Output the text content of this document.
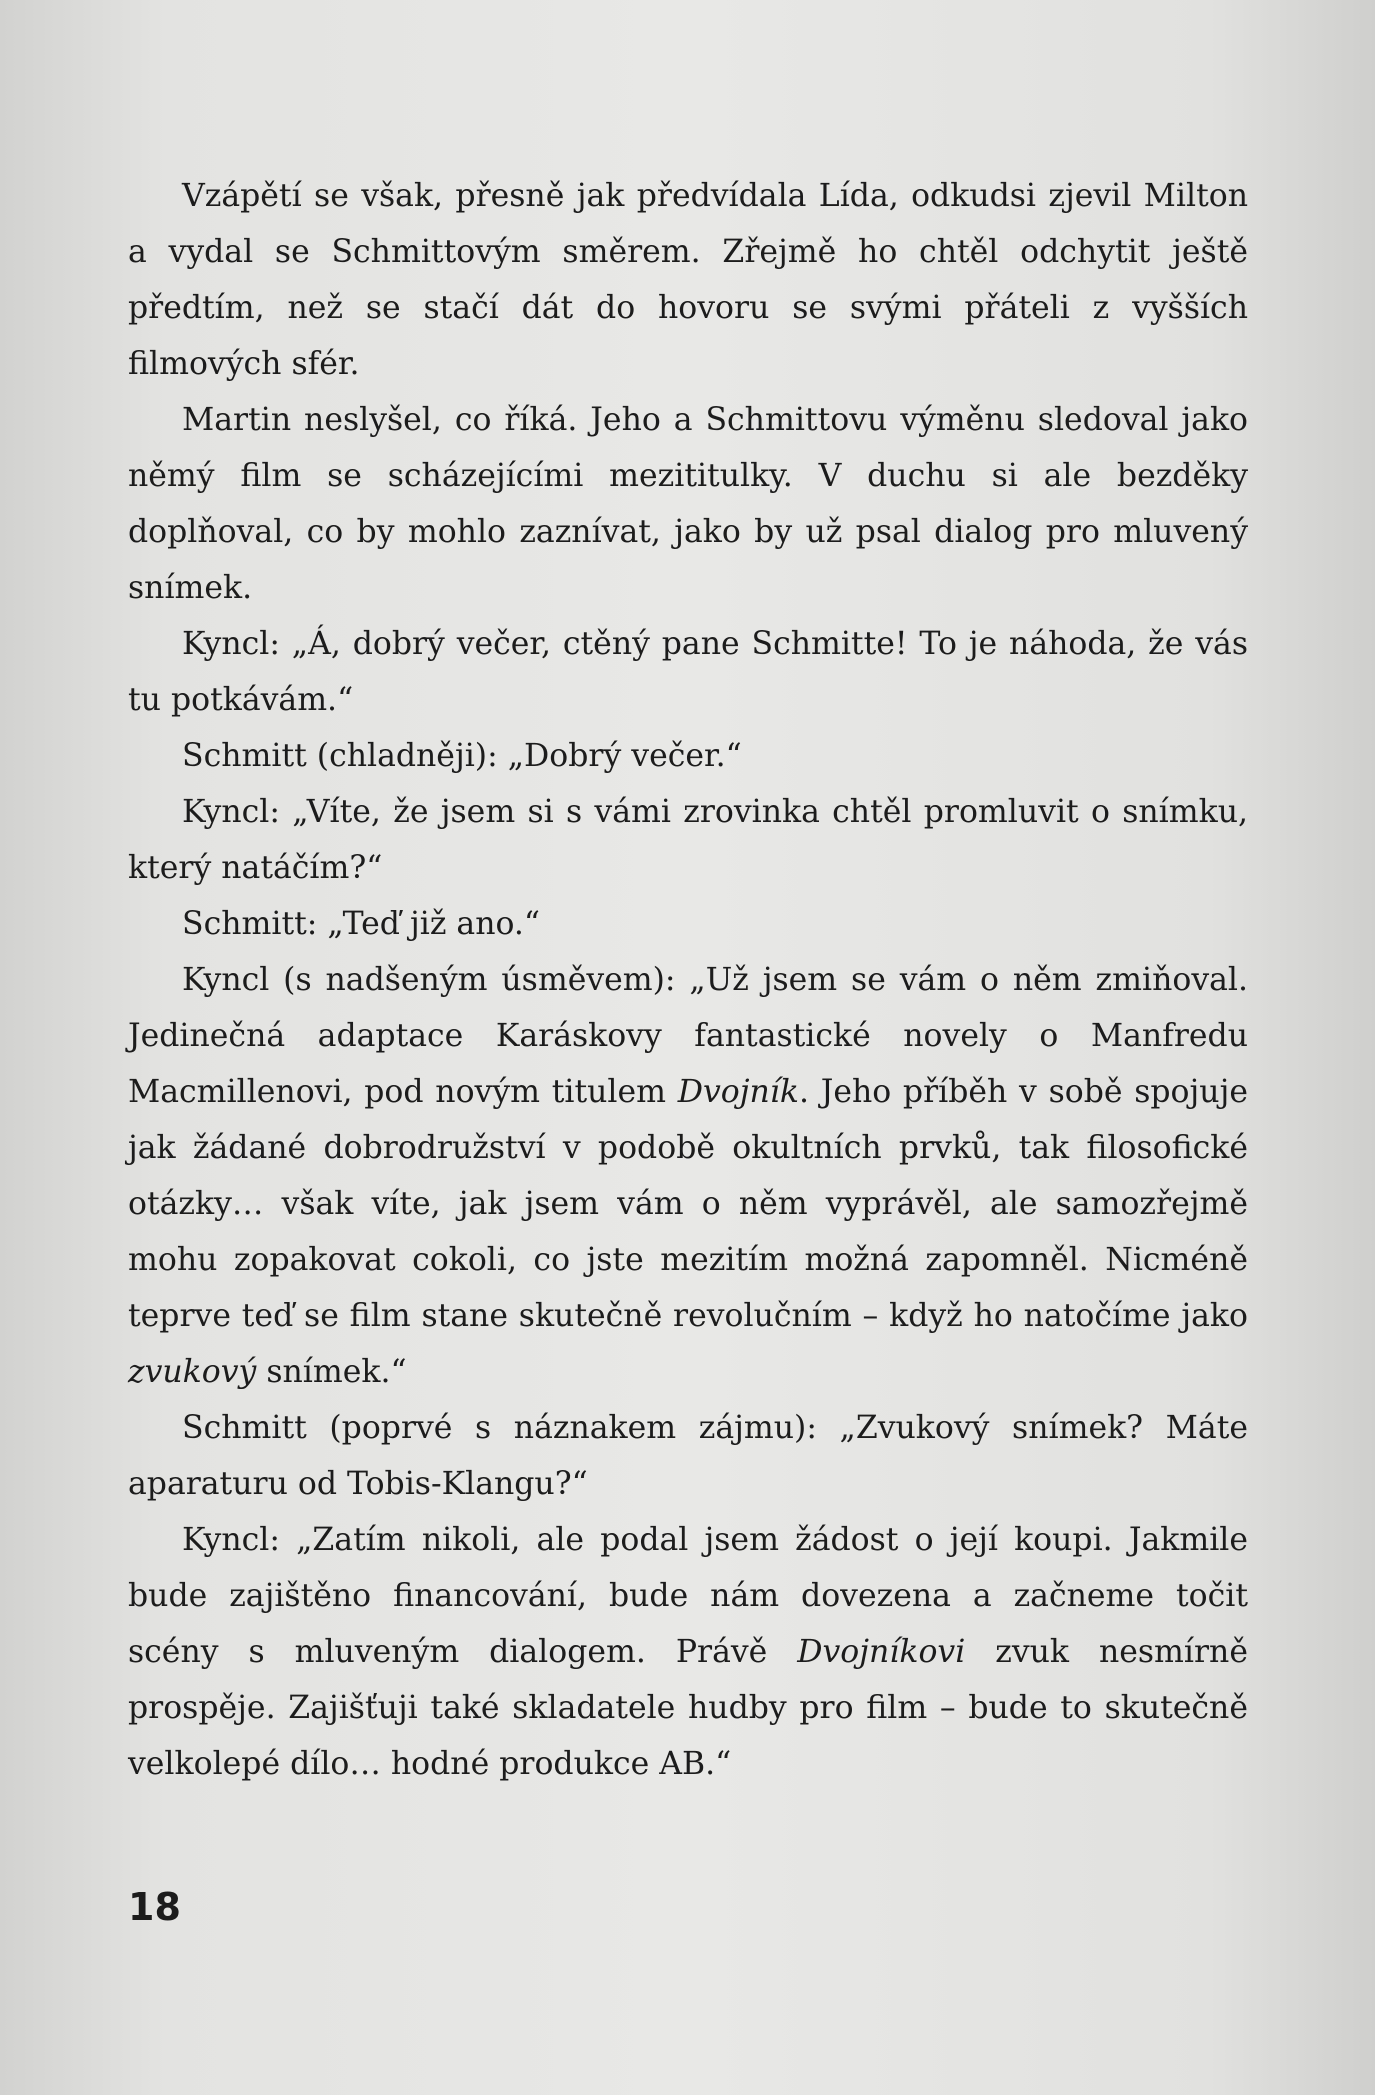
Vzápětí se však, přesně jak předvídala Lída, odkudsi zjevil Milton a vydal se Schmittovým směrem. Zřejmě ho chtěl odchytit ještě předtím, než se stačí dát do hovoru se svými přáteli z vyšších filmových sfér.

Martin neslyšel, co říká. Jeho a Schmittovu výměnu sledoval jako němý film se scházejícími mezititulky. V duchu si ale bezděky doplňoval, co by mohlo zaznívat, jako by už psal dialog pro mluvený snímek.

Kyncl: „Á, dobrý večer, ctěný pane Schmitte! To je náhoda, že vás tu potkávám.“

Schmitt (chladněji): „Dobrý večer.“

Kyncl: „Víte, že jsem si s vámi zrovinka chtěl promluvit o snímku, který natáčím?“

Schmitt: „Teď již ano.“

Kyncl (s nadšeným úsměvem): „Už jsem se vám o něm zmiňoval. Jedinečná adaptace Karáskovy fantastické novely o Manfredu Macmillenovi, pod novým titulem Dvojník. Jeho příběh v sobě spojuje jak žádané dobrodružství v podobě okultních prvků, tak filosofické otázky… však víte, jak jsem vám o něm vyprávěl, ale samozřejmě mohu zopakovat cokoli, co jste mezitím možná zapomněl. Nicméně teprve teď se film stane skutečně revolučním – když ho natočíme jako zvukový snímek.“

Schmitt (poprvé s náznakem zájmu): „Zvukový snímek? Máte aparaturu od Tobis-Klangu?“

Kyncl: „Zatím nikoli, ale podal jsem žádost o její koupi. Jakmile bude zajištěno financování, bude nám dovezena a začneme točit scény s mluveným dialogem. Právě Dvojníkovi zvuk nesmírně prospěje. Zajišťuji také skladatele hudby pro film – bude to skutečně velkolepé dílo… hodné produkce AB.“

18
